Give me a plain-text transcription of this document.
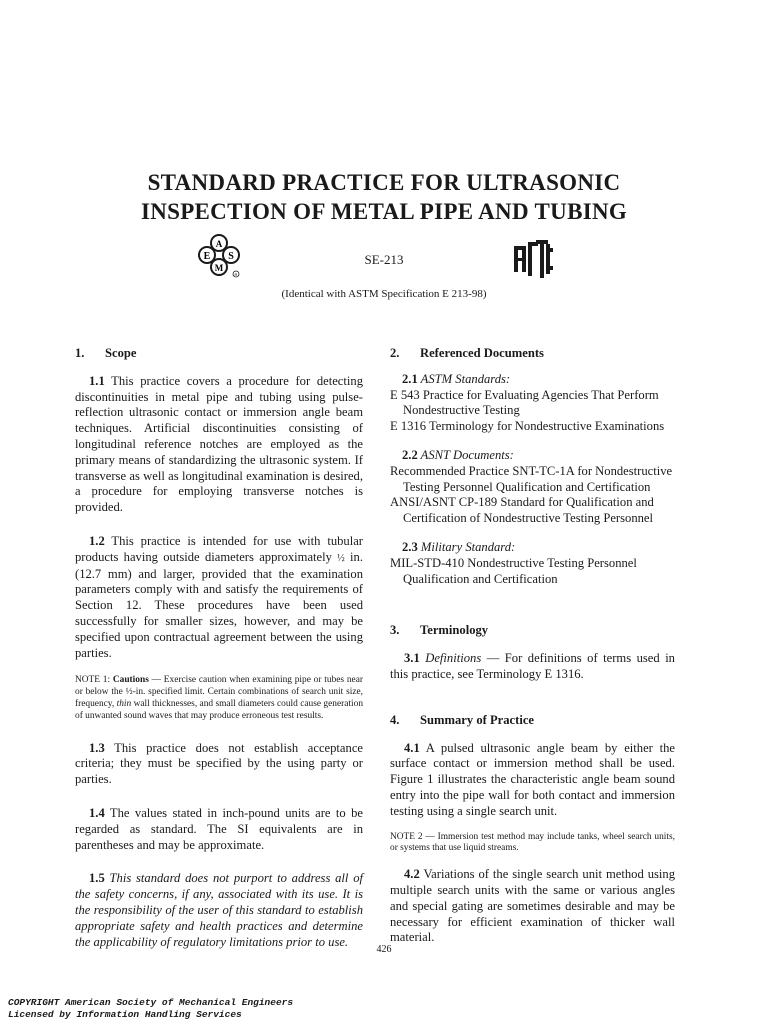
STANDARD PRACTICE FOR ULTRASONIC
INSPECTION OF METAL PIPE AND TUBING
A
E S
M
R
SE-213
(Identical with ASTM Specification E 213-98)
1. Scope

1.1 This practice covers a procedure for detecting discontinuities in metal pipe and tubing using pulse-reflection ultrasonic contact or immersion angle beam techniques. Artificial discontinuities consisting of longitudinal reference notches are employed as the primary means of standardizing the ultrasonic system. If transverse as well as longitudinal examination is desired, a procedure for employing transverse notches is provided.

1.2 This practice is intended for use with tubular products having outside diameters approximately ½ in. (12.7 mm) and larger, provided that the examination parameters comply with and satisfy the requirements of Section 12. These procedures have been used successfully for smaller sizes, however, and may be specified upon contractual agreement between the using parties.

NOTE 1: Cautions — Exercise caution when examining pipe or tubes near or below the ½-in. specified limit. Certain combinations of search unit size, frequency, thin wall thicknesses, and small diameters could cause generation of unwanted sound waves that may produce erroneous test results.

1.3 This practice does not establish acceptance criteria; they must be specified by the using party or parties.

1.4 The values stated in inch-pound units are to be regarded as standard. The SI equivalents are in parentheses and may be approximate.

1.5 This standard does not purport to address all of the safety concerns, if any, associated with its use. It is the responsibility of the user of this standard to establish appropriate safety and health practices and determine the applicability of regulatory limitations prior to use.

2. Referenced Documents

2.1 ASTM Standards:

E 543 Practice for Evaluating Agencies That Perform Nondestructive Testing

E 1316 Terminology for Nondestructive Examinations

2.2 ASNT Documents:

Recommended Practice SNT-TC-1A for Nondestructive Testing Personnel Qualification and Certification

ANSI/ASNT CP-189 Standard for Qualification and Certification of Nondestructive Testing Personnel

2.3 Military Standard:

MIL-STD-410 Nondestructive Testing Personnel Qualification and Certification

3. Terminology

3.1 Definitions — For definitions of terms used in this practice, see Terminology E 1316.

4. Summary of Practice

4.1 A pulsed ultrasonic angle beam by either the surface contact or immersion method shall be used. Figure 1 illustrates the characteristic angle beam sound entry into the pipe wall for both contact and immersion testing using a single search unit.

NOTE 2 — Immersion test method may include tanks, wheel search units, or systems that use liquid streams.

4.2 Variations of the single search unit method using multiple search units with the same or various angles and special gating are sometimes desirable and may be necessary for efficient examination of thicker wall material.

426
COPYRIGHT American Society of Mechanical Engineers
Licensed by Information Handling Services
